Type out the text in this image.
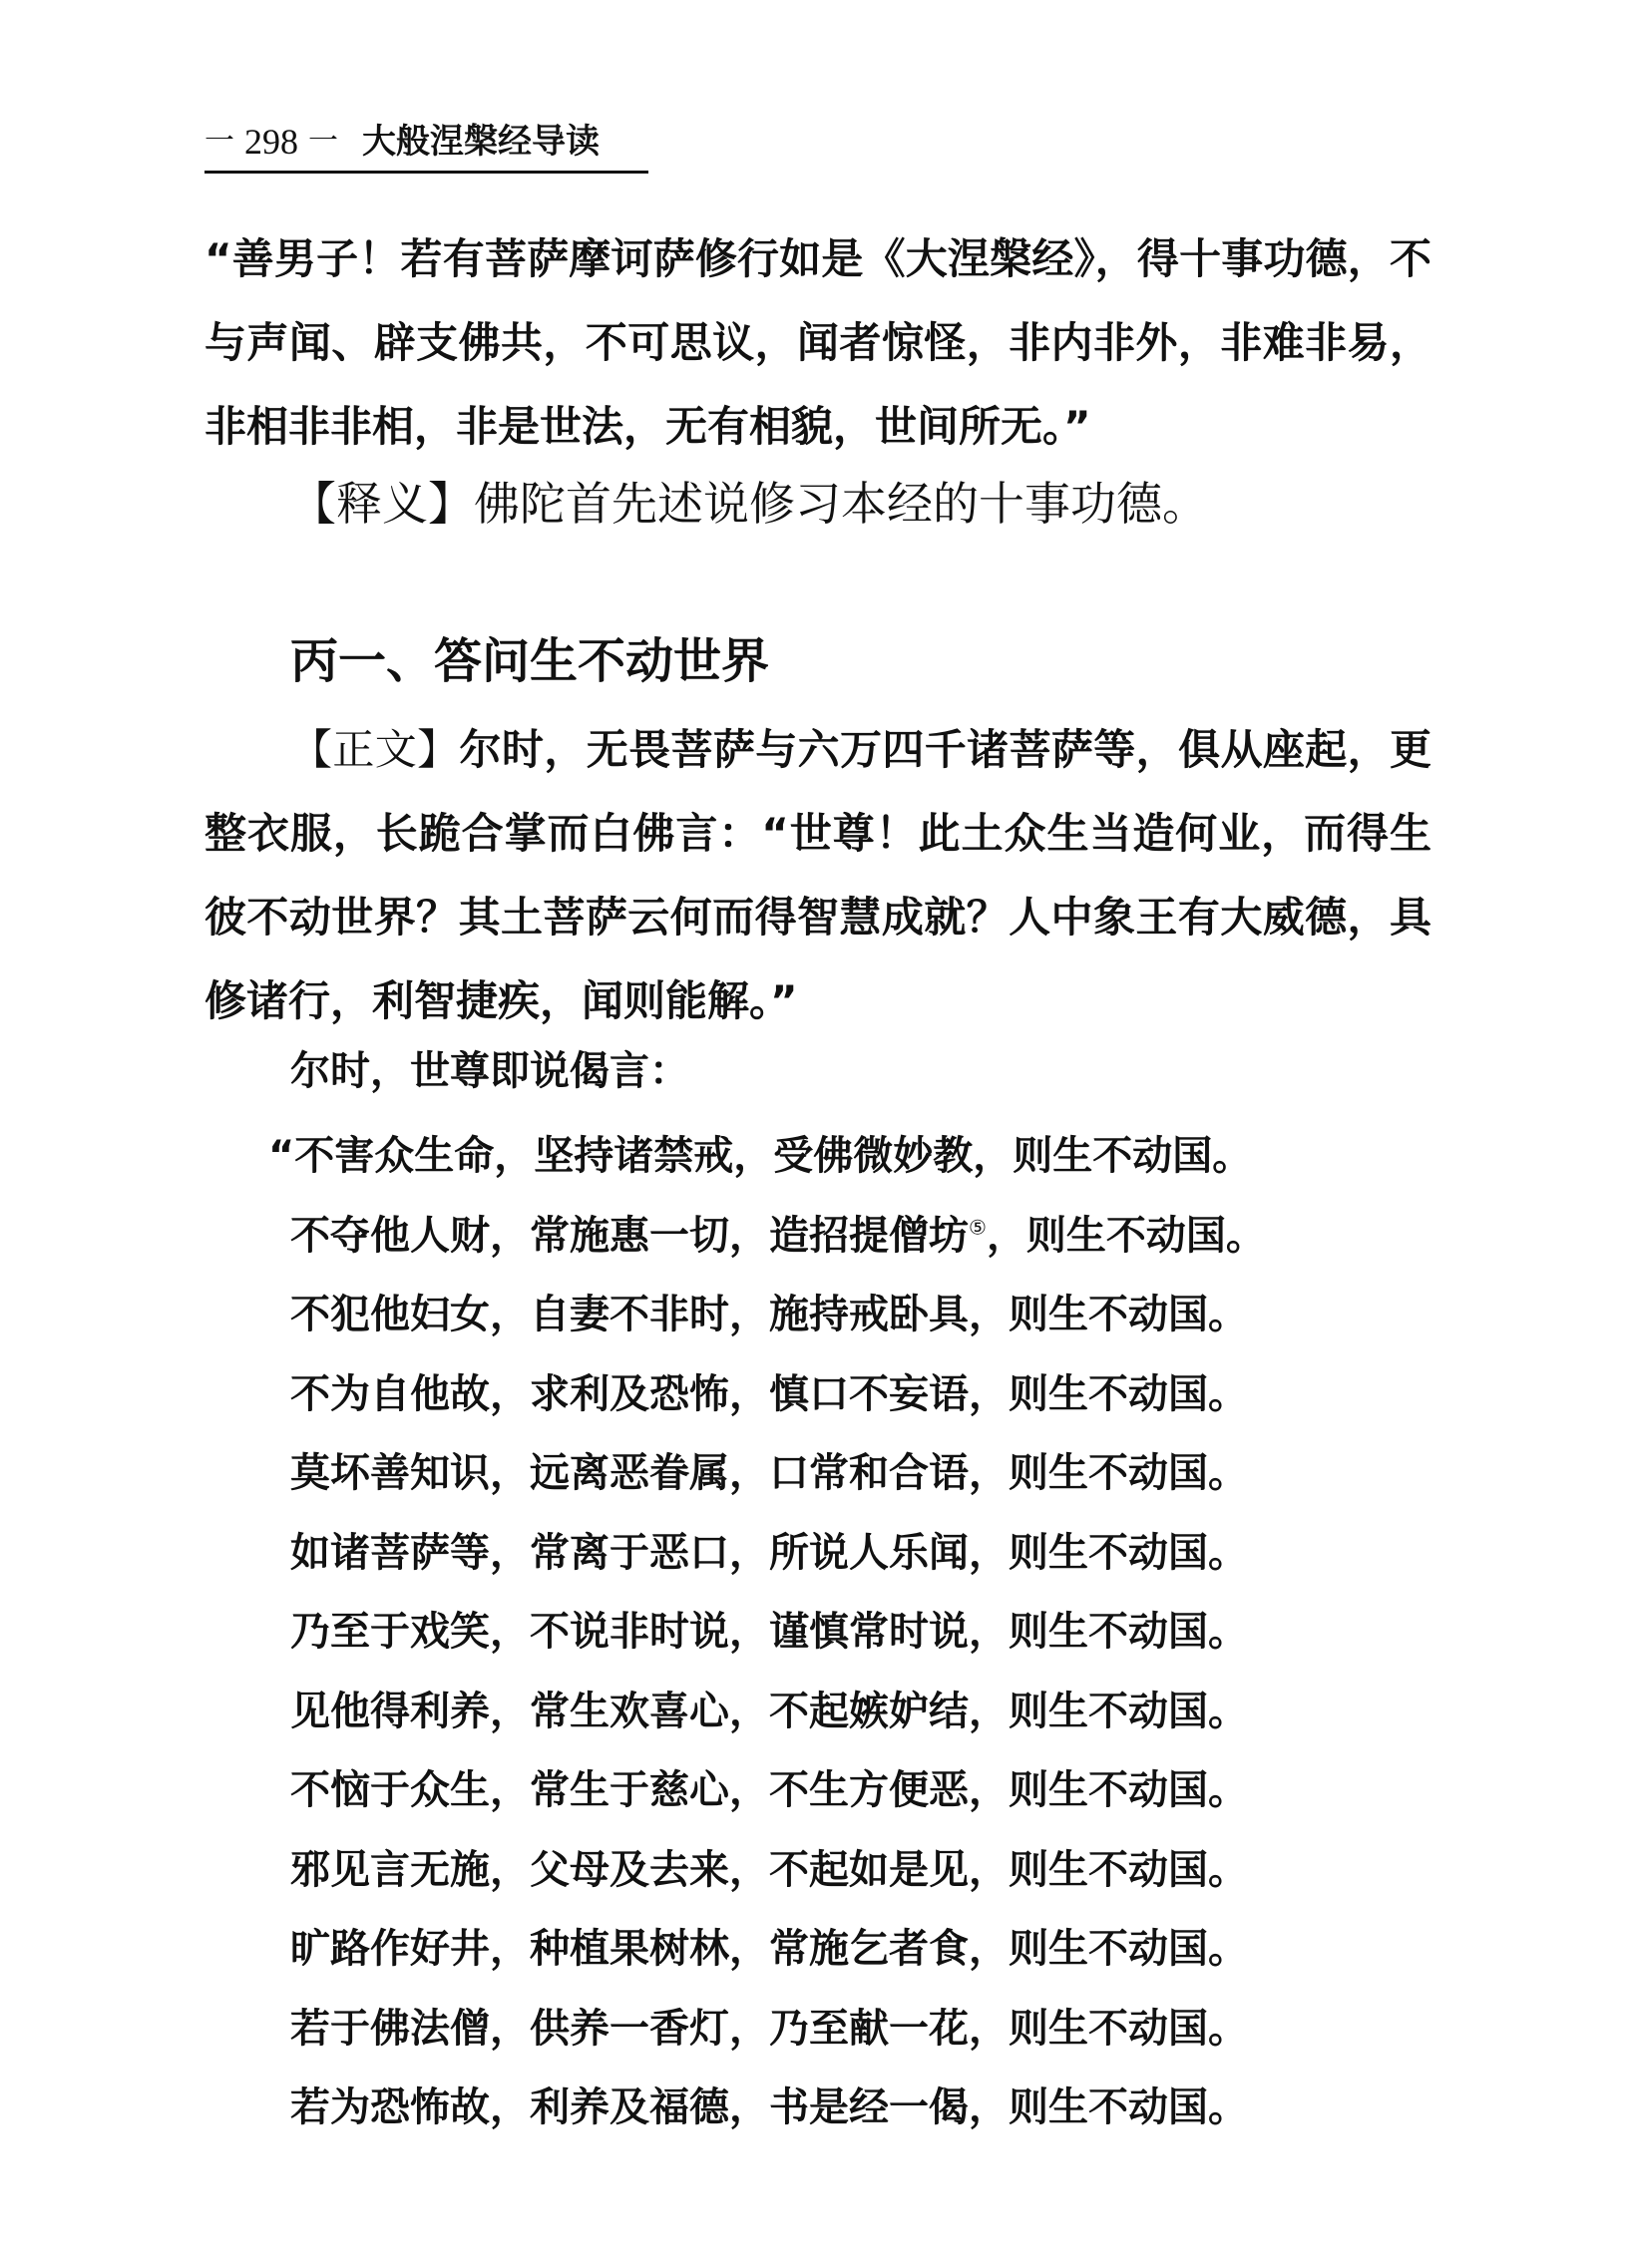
一 298 一 大般涅槃经导读

“善男子！若有菩萨摩诃萨修行如是《大涅槃经》，得十事功德，不与声闻、辟支佛共，不可思议，闻者惊怪，非内非外，非难非易，非相非非相，非是世法，无有相貌，世间所无。”

【释义】佛陀首先述说修习本经的十事功德。
丙一、答问生不动世界

【正文】尔时，无畏菩萨与六万四千诸菩萨等，俱从座起，更整衣服，长跪合掌而白佛言：“世尊！此土众生当造何业，而得生彼不动世界？其土菩萨云何而得智慧成就？人中象王有大威德，具修诸行，利智捷疾，闻则能解。”

尔时，世尊即说偈言：
“不害众生命，坚持诸禁戒，受佛微妙教，则生不动国。
不夺他人财，常施惠一切，造招提僧坊⑤，则生不动国。
不犯他妇女，自妻不非时，施持戒卧具，则生不动国。
不为自他故，求利及恐怖，慎口不妄语，则生不动国。
莫坏善知识，远离恶眷属，口常和合语，则生不动国。
如诸菩萨等，常离于恶口，所说人乐闻，则生不动国。
乃至于戏笑，不说非时说，谨慎常时说，则生不动国。
见他得利养，常生欢喜心，不起嫉妒结，则生不动国。
不恼于众生，常生于慈心，不生方便恶，则生不动国。
邪见言无施，父母及去来，不起如是见，则生不动国。
旷路作好井，种植果树林，常施乞者食，则生不动国。
若于佛法僧，供养一香灯，乃至献一花，则生不动国。
若为恐怖故，利养及福德，书是经一偈，则生不动国。
